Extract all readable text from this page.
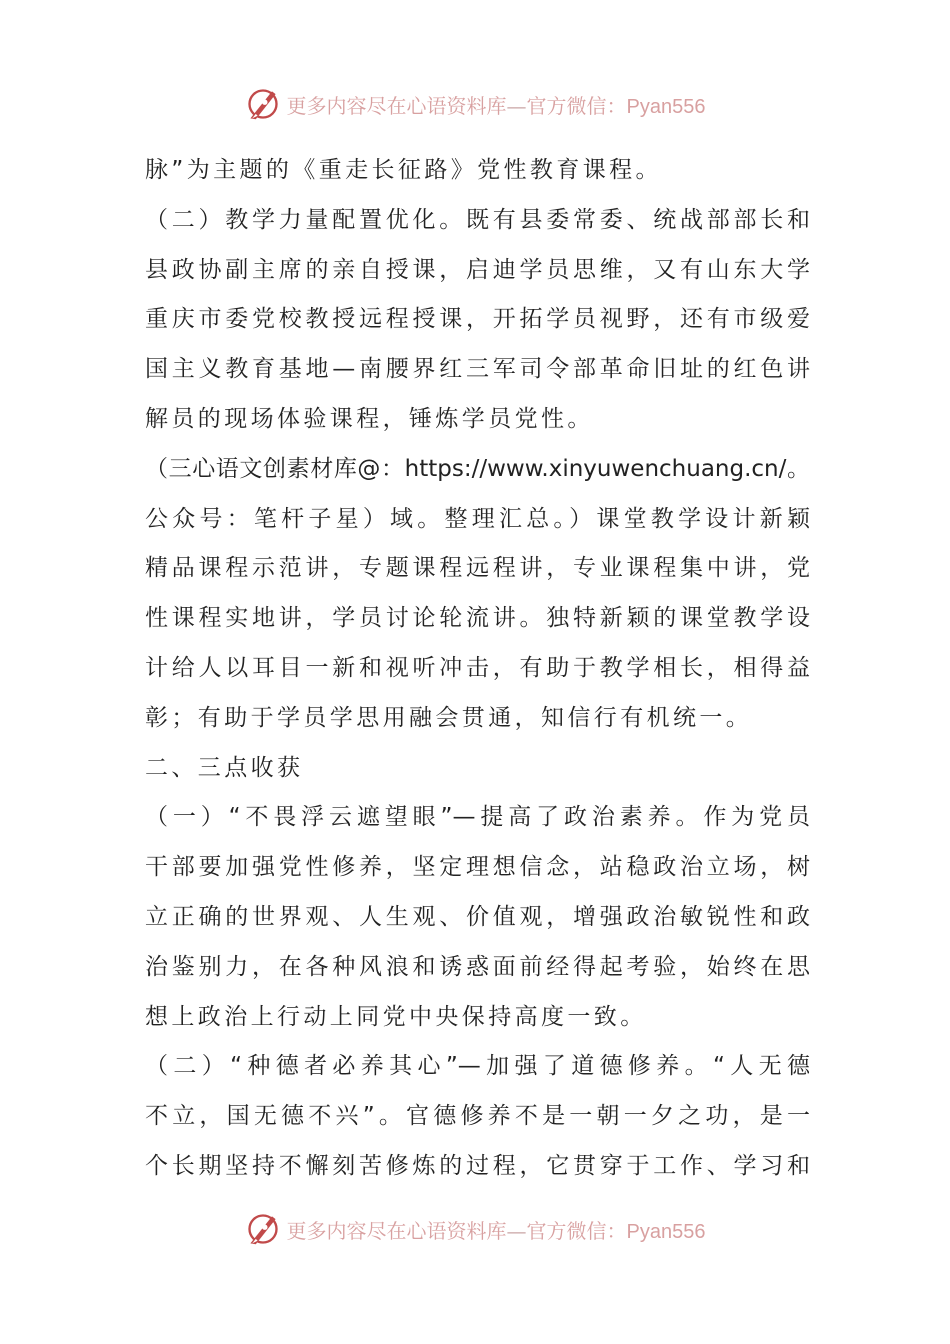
更多内容尽在心语资料库—官方微信：Pyan556
脉”为主题的《重走长征路》党性教育课程。
（二）教学力量配置优化。既有县委常委、统战部部长和
县政协副主席的亲自授课，启迪学员思维，又有山东大学
重庆市委党校教授远程授课，开拓学员视野，还有市级爱
国主义教育基地—南腰界红三军司令部革命旧址的红色讲
解员的现场体验课程，锤炼学员党性。
（三心语文创素材库@：https://www.xinyuwenchuang.cn/。
公众号：笔杆子星）域。整理汇总。）课堂教学设计新颖
精品课程示范讲，专题课程远程讲，专业课程集中讲，党
性课程实地讲，学员讨论轮流讲。独特新颖的课堂教学设
计给人以耳目一新和视听冲击，有助于教学相长，相得益
彰；有助于学员学思用融会贯通，知信行有机统一。
二、三点收获
（一）“不畏浮云遮望眼”—提高了政治素养。作为党员
干部要加强党性修养，坚定理想信念，站稳政治立场，树
立正确的世界观、人生观、价值观，增强政治敏锐性和政
治鉴别力，在各种风浪和诱惑面前经得起考验，始终在思
想上政治上行动上同党中央保持高度一致。
（二）“种德者必养其心”—加强了道德修养。“人无德
不立，国无德不兴”。官德修养不是一朝一夕之功，是一
个长期坚持不懈刻苦修炼的过程，它贯穿于工作、学习和
更多内容尽在心语资料库—官方微信：Pyan556
